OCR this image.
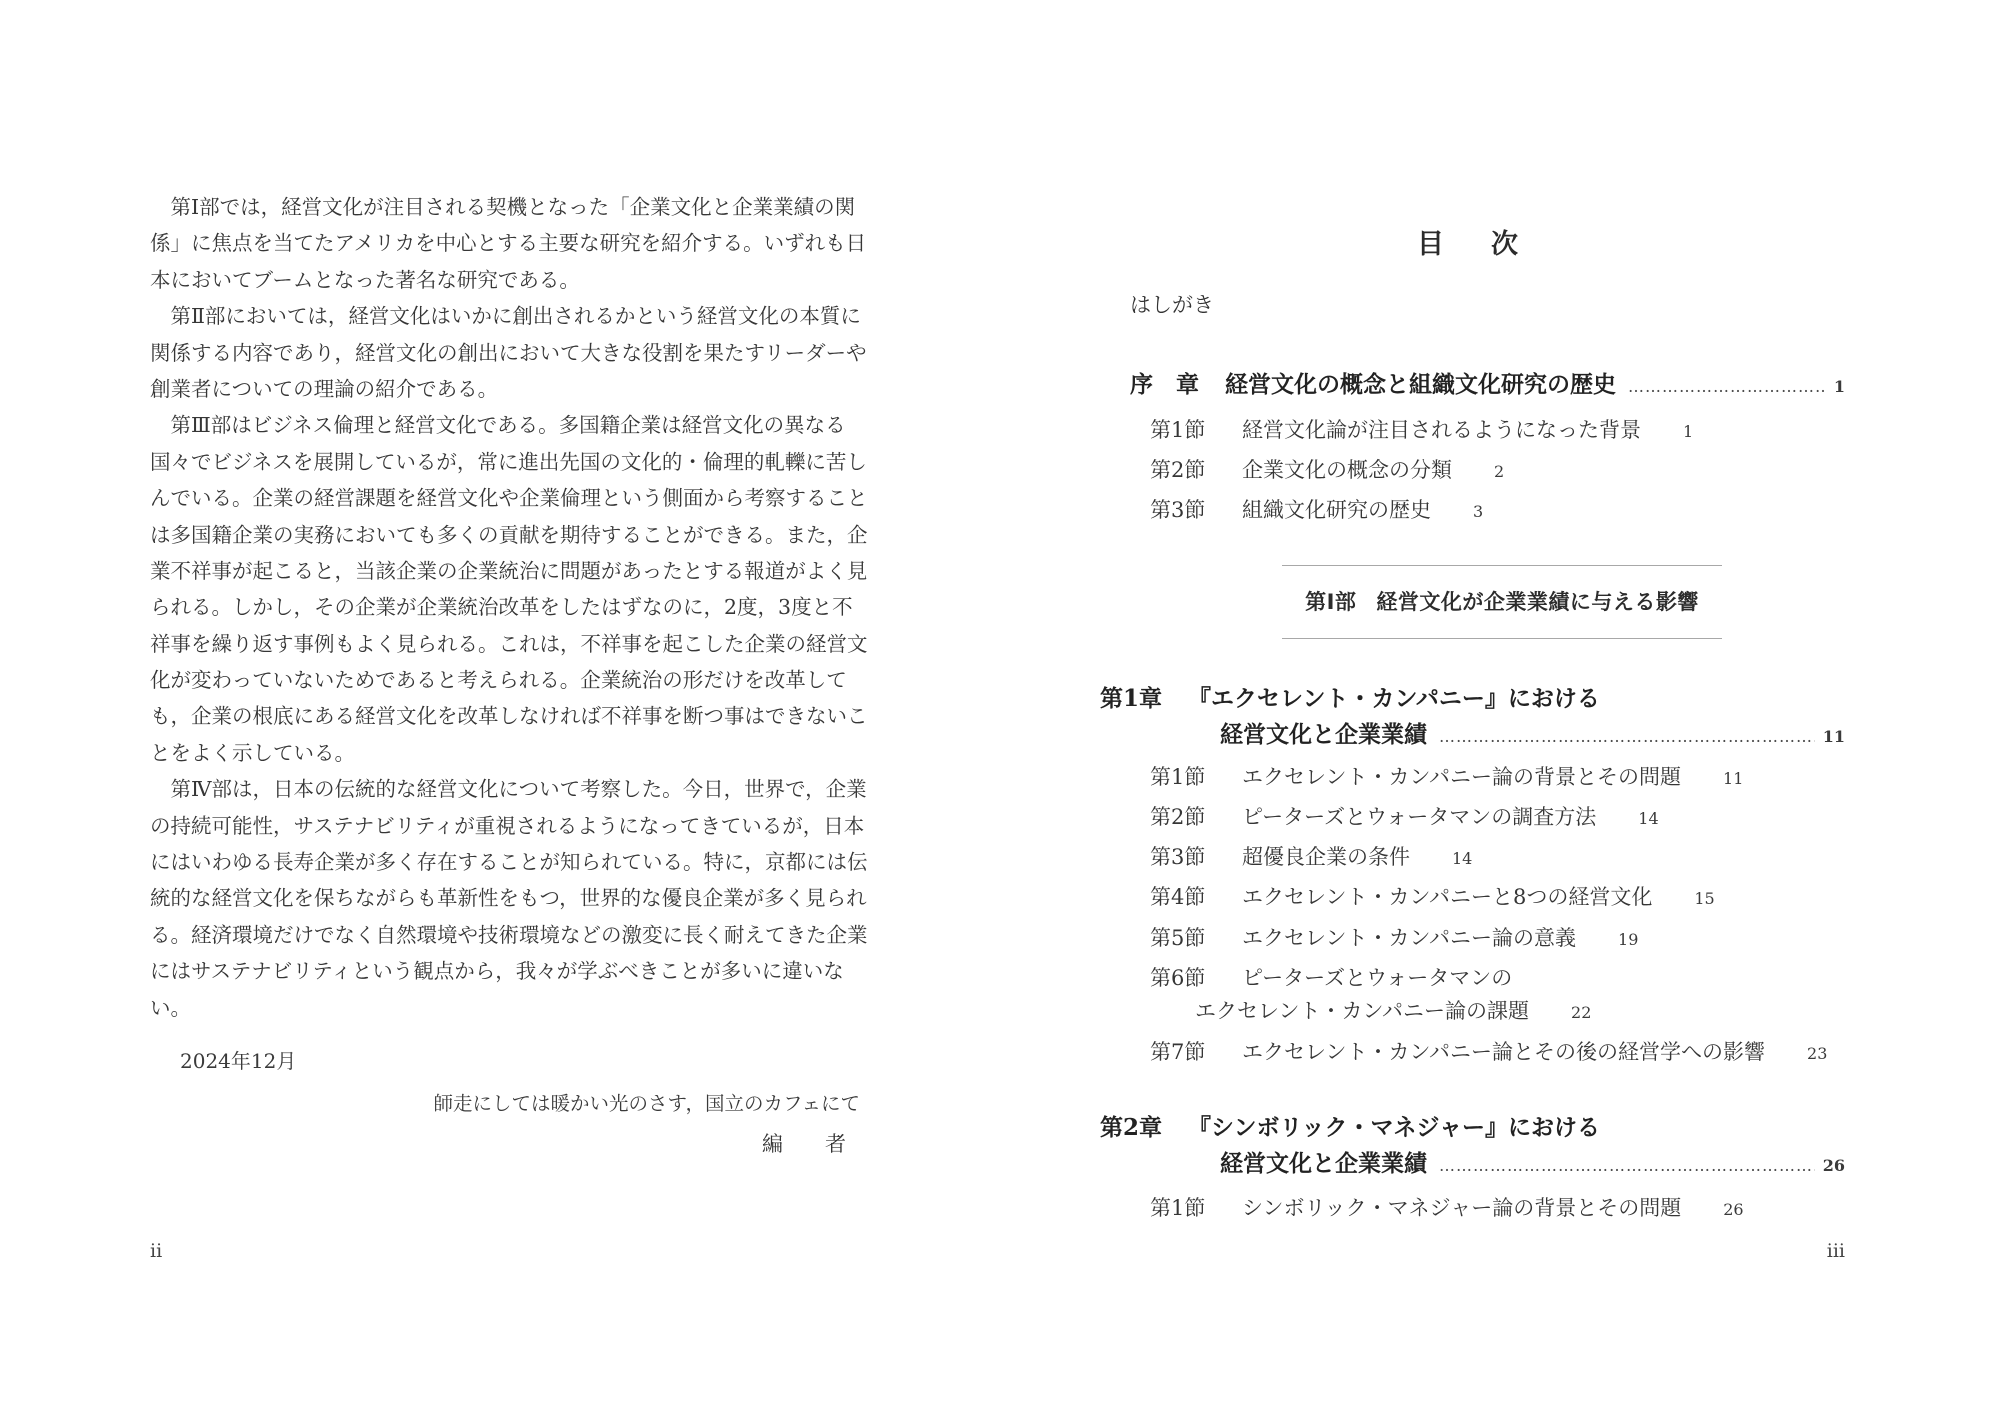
第Ⅰ部では，経営文化が注目される契機となった「企業文化と企業業績の関
係」に焦点を当てたアメリカを中心とする主要な研究を紹介する。いずれも日
本においてブームとなった著名な研究である。
第Ⅱ部においては，経営文化はいかに創出されるかという経営文化の本質に
関係する内容であり，経営文化の創出において大きな役割を果たすリーダーや
創業者についての理論の紹介である。
第Ⅲ部はビジネス倫理と経営文化である。多国籍企業は経営文化の異なる
国々でビジネスを展開しているが，常に進出先国の文化的・倫理的軋轢に苦し
んでいる。企業の経営課題を経営文化や企業倫理という側面から考察すること
は多国籍企業の実務においても多くの貢献を期待することができる。また，企
業不祥事が起こると，当該企業の企業統治に問題があったとする報道がよく見
られる。しかし，その企業が企業統治改革をしたはずなのに，2度，3度と不
祥事を繰り返す事例もよく見られる。これは，不祥事を起こした企業の経営文
化が変わっていないためであると考えられる。企業統治の形だけを改革して
も，企業の根底にある経営文化を改革しなければ不祥事を断つ事はできないこ
とをよく示している。
第Ⅳ部は，日本の伝統的な経営文化について考察した。今日，世界で，企業
の持続可能性，サステナビリティが重視されるようになってきているが，日本
にはいわゆる長寿企業が多く存在することが知られている。特に，京都には伝
統的な経営文化を保ちながらも革新性をもつ，世界的な優良企業が多く見られ
る。経済環境だけでなく自然環境や技術環境などの激変に長く耐えてきた企業
にはサステナビリティという観点から，我々が学ぶべきことが多いに違いな
い。
2024年12月
師走にしては暖かい光のさす，国立のカフェにて
編　　者
ii
目　次
はしがき
序　章 経営文化の概念と組織文化研究の歴史 …………………………………………………………………………………………………………	1
第1節	経営文化論が注目されるようになった背景	1
第2節	企業文化の概念の分類	2
第3節	組織文化研究の歴史	3
第Ⅰ部 経営文化が企業業績に与える影響
第1章 『エクセレント・カンパニー』における
経営文化と企業業績 …………………………………………………………………………………………………………	11
第1節	エクセレント・カンパニー論の背景とその問題	11
第2節	ピーターズとウォータマンの調査方法	14
第3節	超優良企業の条件	14
第4節	エクセレント・カンパニーと8つの経営文化	15
第5節	エクセレント・カンパニー論の意義	19
第6節	ピーターズとウォータマンの
エクセレント・カンパニー論の課題	22
第7節	エクセレント・カンパニー論とその後の経営学への影響	23
第2章 『シンボリック・マネジャー』における
経営文化と企業業績 …………………………………………………………………………………………………………	26
第1節	シンボリック・マネジャー論の背景とその問題	26
iii
